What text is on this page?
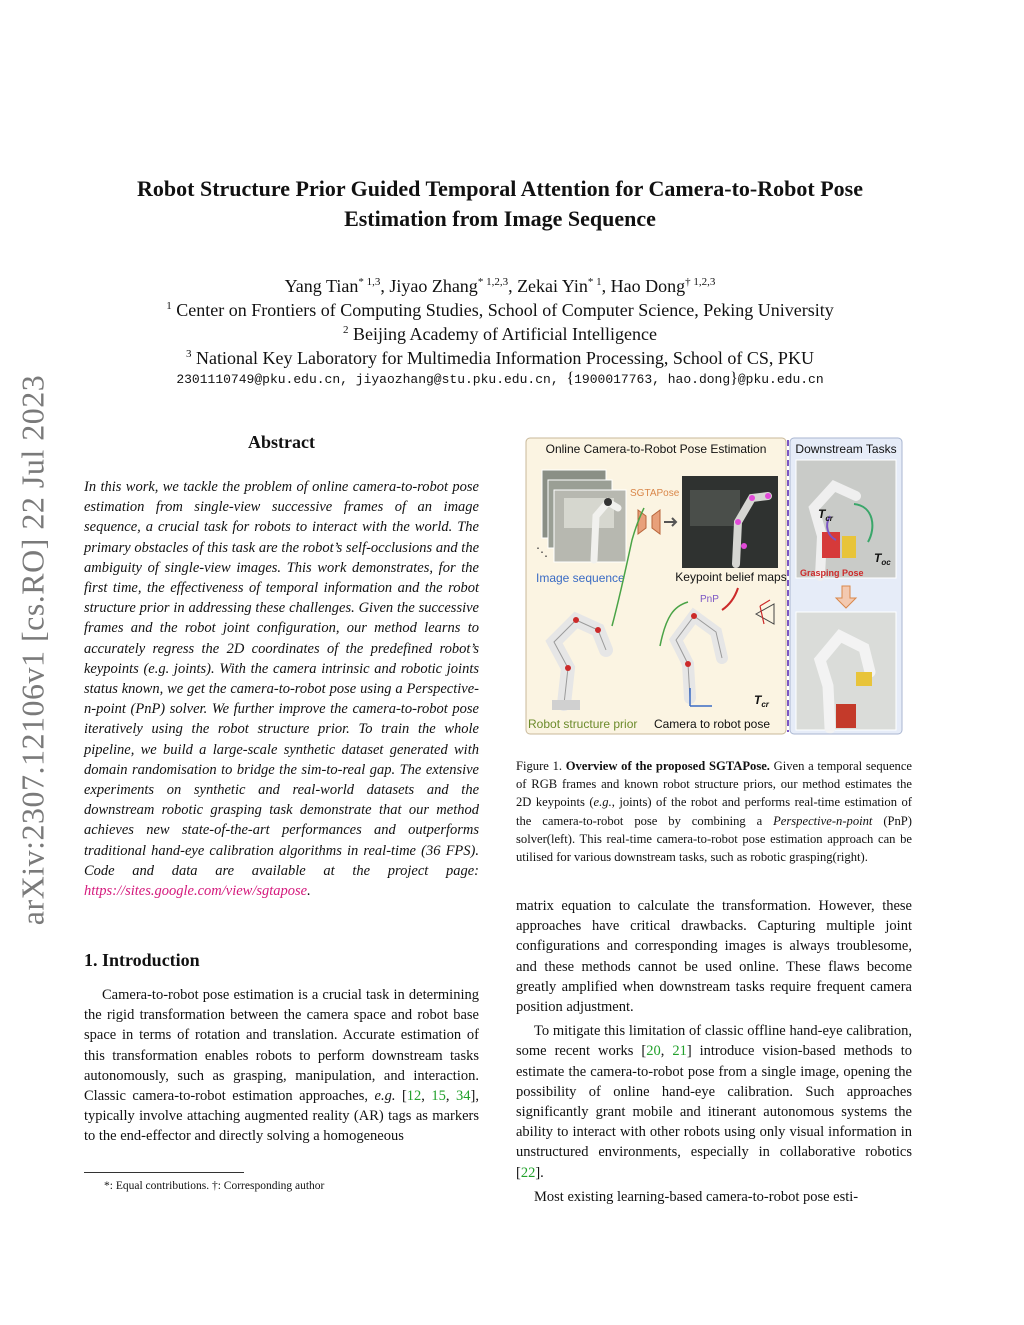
arXiv:2307.12106v1 [cs.RO] 22 Jul 2023
Robot Structure Prior Guided Temporal Attention for Camera-to-Robot Pose
Estimation from Image Sequence
Yang Tian$^{* 1,3}$, Jiyao Zhang$^{* 1,2,3}$, Zekai Yin$^{* 1}$, Hao Dong$^{\dagger 1,2,3}$
$^1$ Center on Frontiers of Computing Studies, School of Computer Science, Peking University
$^2$ Beijing Academy of Artificial Intelligence
$^3$ National Key Laboratory for Multimedia Information Processing, School of CS, PKU
2301110749@pku.edu.cn, jiyaozhang@stu.pku.edu.cn, {1900017763, hao.dong}@pku.edu.cn
Abstract
In this work, we tackle the problem of online camera-to-robot pose estimation from single-view successive frames of an image sequence, a crucial task for robots to interact with the world. The primary obstacles of this task are the robot’s self-occlusions and the ambiguity of single-view images. This work demonstrates, for the first time, the effectiveness of temporal information and the robot structure prior in addressing these challenges. Given the successive frames and the robot joint configuration, our method learns to accurately regress the 2D coordinates of the predefined robot’s keypoints (e.g. joints). With the camera intrinsic and robotic joints status known, we get the camera-to-robot pose using a Perspective-n-point (PnP) solver. We further improve the camera-to-robot pose iteratively using the robot structure prior. To train the whole pipeline, we build a large-scale synthetic dataset generated with domain randomisation to bridge the sim-to-real gap. The extensive experiments on synthetic and real-world datasets and the downstream robotic grasping task demonstrate that our method achieves new state-of-the-art performances and outperforms traditional hand-eye calibration algorithms in real-time (36 FPS). Code and data are available at the project page: https://sites.google.com/view/sgtapose.
1. Introduction
Camera-to-robot pose estimation is a crucial task in determining the rigid transformation between the camera space and robot base space in terms of rotation and translation. Accurate estimation of this transformation enables robots to perform downstream tasks autonomously, such as grasping, manipulation, and interaction. Classic camera-to-robot estimation approaches, e.g. [12, 15, 34], typically involve attaching augmented reality (AR) tags as markers to the end-effector and directly solving a homogeneous
*: Equal contributions. †: Corresponding author
Online Camera-to-Robot Pose Estimation Downstream Tasks
⋱
Image sequence
SGTAPose
Keypoint belief maps
PnP
Robot structure prior
$T_{cr}$
Camera to robot pose
$T_{cr}$
$T_{oc}$
Grasping Pose
Figure 1. Overview of the proposed SGTAPose. Given a temporal sequence of RGB frames and known robot structure priors, our method estimates the 2D keypoints (e.g., joints) of the robot and performs real-time estimation of the camera-to-robot pose by combining a Perspective-n-point (PnP) solver(left). This real-time camera-to-robot pose estimation approach can be utilised for various downstream tasks, such as robotic grasping(right).

matrix equation to calculate the transformation. However, these approaches have critical drawbacks. Capturing multiple joint configurations and corresponding images is always troublesome, and these methods cannot be used online. These flaws become greatly amplified when downstream tasks require frequent camera position adjustment.

To mitigate this limitation of classic offline hand-eye calibration, some recent works [20, 21] introduce vision-based methods to estimate the camera-to-robot pose from a single image, opening the possibility of online hand-eye calibration. Such approaches significantly grant mobile and itinerant autonomous systems the ability to interact with other robots using only visual information in unstructured environments, especially in collaborative robotics [22].

Most existing learning-based camera-to-robot pose esti-
